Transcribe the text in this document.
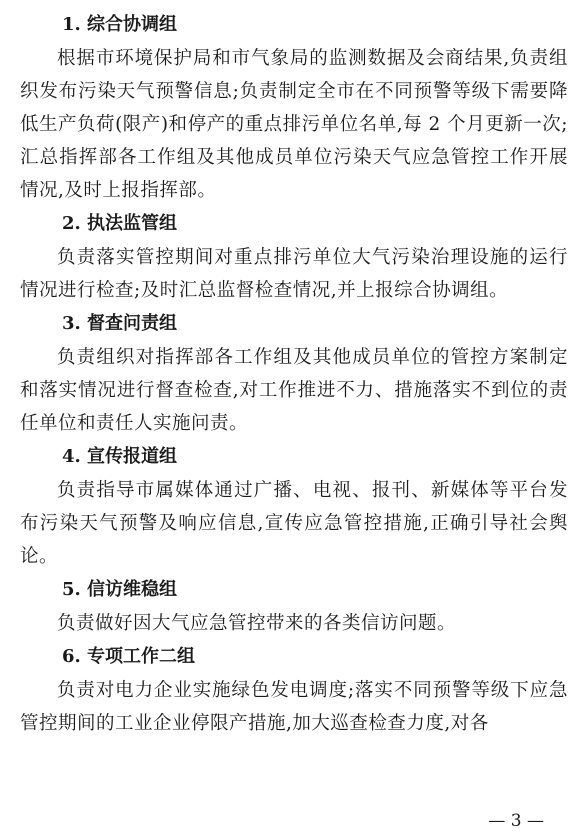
1. 综合协调组

根据市环境保护局和市气象局的监测数据及会商结果,负责组织发布污染天气预警信息;负责制定全市在不同预警等级下需要降低生产负荷(限产)和停产的重点排污单位名单,每 2 个月更新一次;汇总指挥部各工作组及其他成员单位污染天气应急管控工作开展情况,及时上报指挥部。

2. 执法监管组

负责落实管控期间对重点排污单位大气污染治理设施的运行情况进行检查;及时汇总监督检查情况,并上报综合协调组。

3. 督查问责组

负责组织对指挥部各工作组及其他成员单位的管控方案制定和落实情况进行督查检查,对工作推进不力、措施落实不到位的责任单位和责任人实施问责。

4. 宣传报道组

负责指导市属媒体通过广播、电视、报刊、新媒体等平台发布污染天气预警及响应信息,宣传应急管控措施,正确引导社会舆论。

5. 信访维稳组

负责做好因大气应急管控带来的各类信访问题。

6. 专项工作二组

负责对电力企业实施绿色发电调度;落实不同预警等级下应急管控期间的工业企业停限产措施,加大巡查检查力度,对各

— 3 —
